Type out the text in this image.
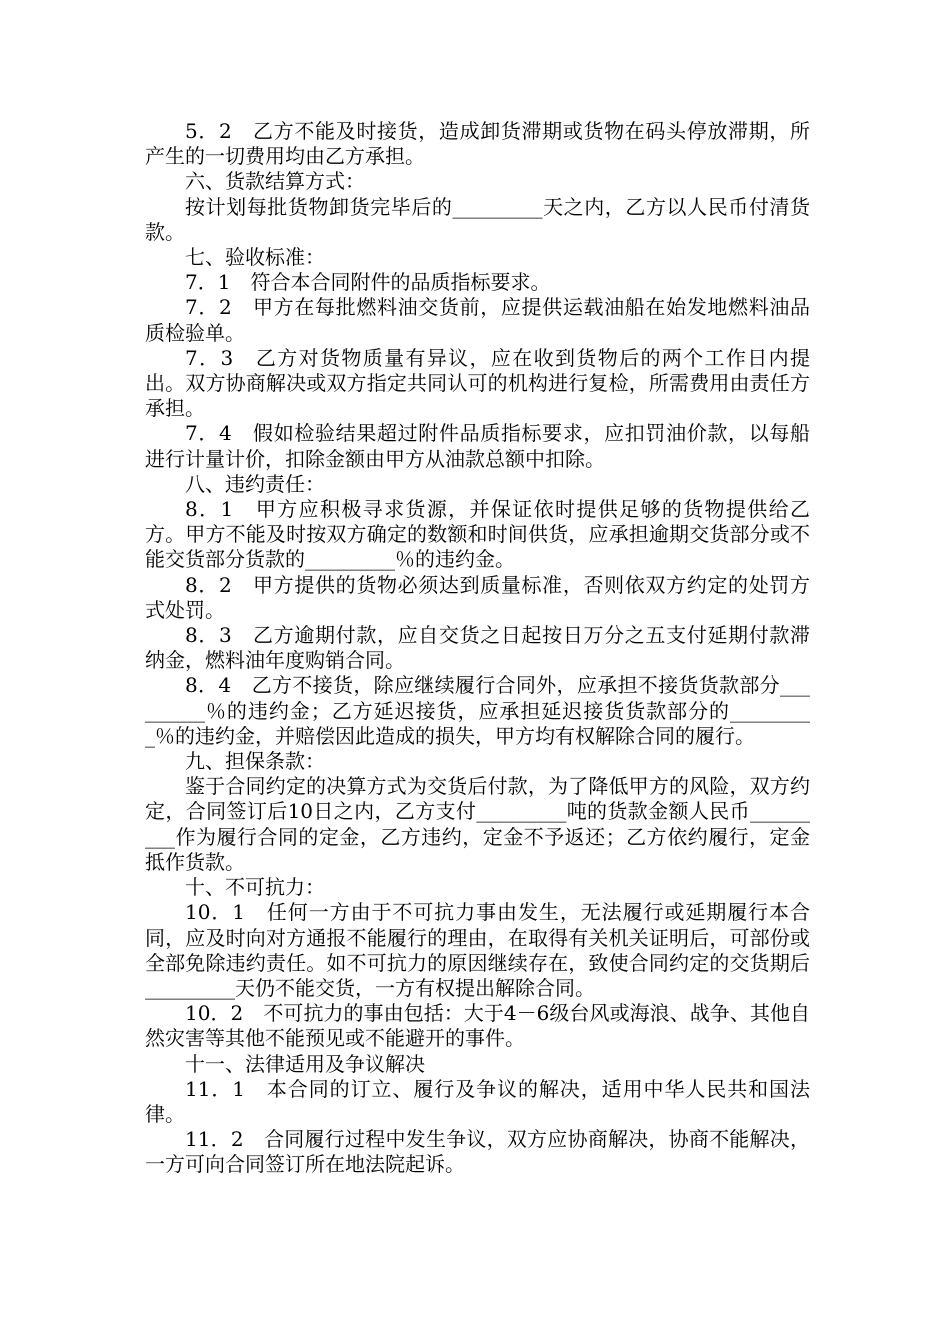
5．2　乙方不能及时接货，造成卸货滞期或货物在码头停放滞期，所产生的一切费用均由乙方承担。

六、货款结算方式：

按计划每批货物卸货完毕后的_________天之内，乙方以人民币付清货款。

七、验收标准：

7．1　符合本合同附件的品质指标要求。

7．2　甲方在每批燃料油交货前，应提供运载油船在始发地燃料油品质检验单。

7．3　乙方对货物质量有异议，应在收到货物后的两个工作日内提出。双方协商解决或双方指定共同认可的机构进行复检，所需费用由责任方承担。

7．4　假如检验结果超过附件品质指标要求，应扣罚油价款，以每船进行计量计价，扣除金额由甲方从油款总额中扣除。

八、违约责任：

8．1　甲方应积极寻求货源，并保证依时提供足够的货物提供给乙方。甲方不能及时按双方确定的数额和时间供货，应承担逾期交货部分或不能交货部分货款的_________％的违约金。

8．2　甲方提供的货物必须达到质量标准，否则依双方约定的处罚方式处罚。

8．3　乙方逾期付款，应自交货之日起按日万分之五支付延期付款滞纳金，燃料油年度购销合同。

8．4　乙方不接货，除应继续履行合同外，应承担不接货货款部分_________％的违约金；乙方延迟接货，应承担延迟接货货款部分的_________％的违约金，并赔偿因此造成的损失，甲方均有权解除合同的履行。

九、担保条款：

鉴于合同约定的决算方式为交货后付款，为了降低甲方的风险，双方约定，合同签订后10日之内，乙方支付_________吨的货款金额人民币_________作为履行合同的定金，乙方违约，定金不予返还；乙方依约履行，定金抵作货款。

十、不可抗力：

10．1　任何一方由于不可抗力事由发生，无法履行或延期履行本合同，应及时向对方通报不能履行的理由，在取得有关机关证明后，可部份或全部免除违约责任。如不可抗力的原因继续存在，致使合同约定的交货期后_________天仍不能交货，一方有权提出解除合同。

10．2　不可抗力的事由包括：大于4－6级台风或海浪、战争、其他自然灾害等其他不能预见或不能避开的事件。

十一、法律适用及争议解决

11．1　本合同的订立、履行及争议的解决，适用中华人民共和国法律。

11．2　合同履行过程中发生争议，双方应协商解决，协商不能解决，一方可向合同签订所在地法院起诉。
